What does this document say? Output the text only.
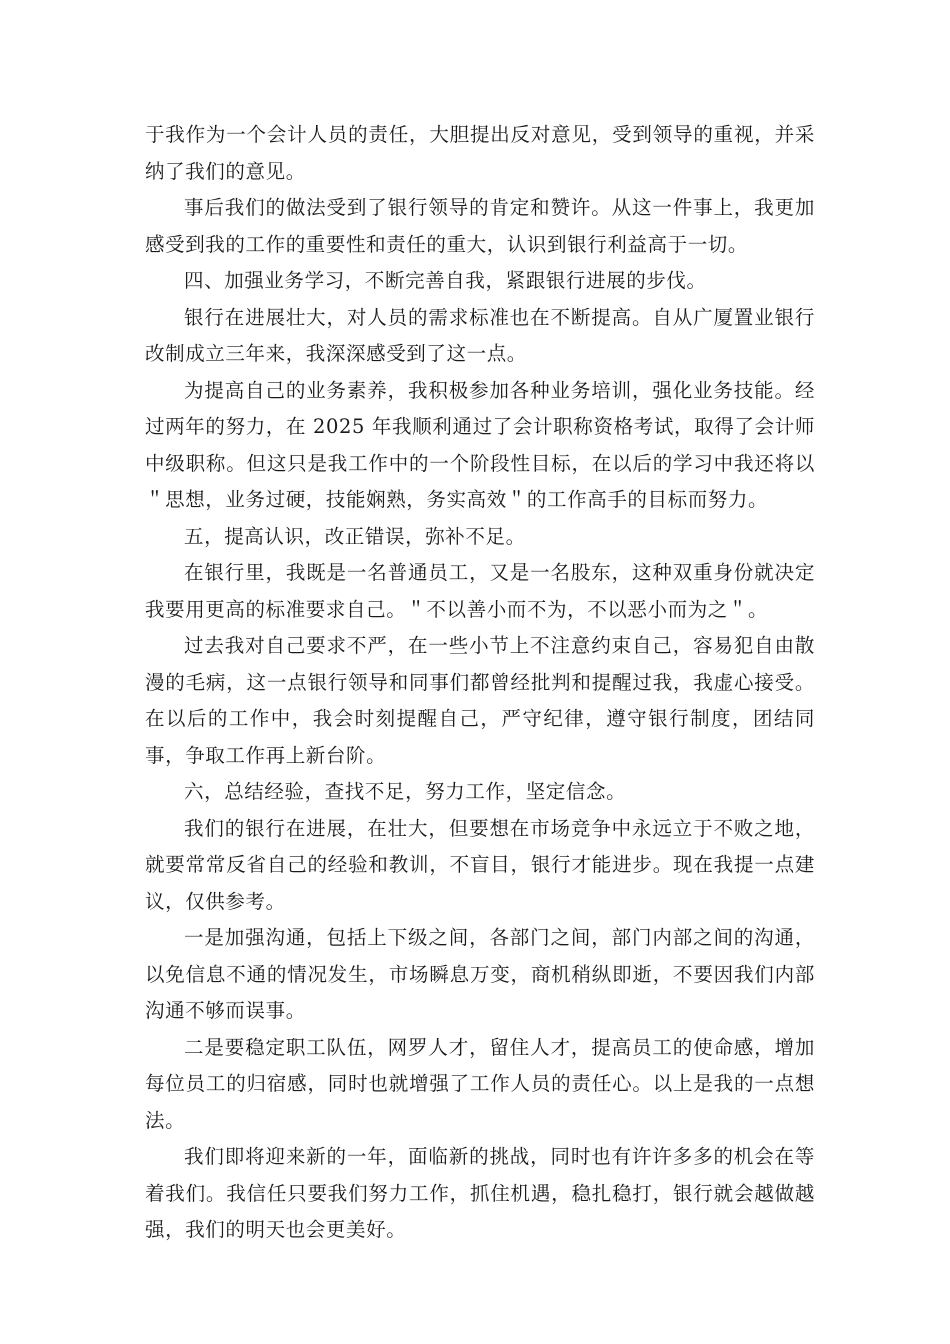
于我作为一个会计人员的责任，大胆提出反对意见，受到领导的重视，并采纳了我们的意见。

事后我们的做法受到了银行领导的肯定和赞许。从这一件事上，我更加感受到我的工作的重要性和责任的重大，认识到银行利益高于一切。

四、加强业务学习，不断完善自我，紧跟银行进展的步伐。

银行在进展壮大，对人员的需求标准也在不断提高。自从广厦置业银行改制成立三年来，我深深感受到了这一点。

为提高自己的业务素养，我积极参加各种业务培训，强化业务技能。经过两年的努力，在 2025 年我顺利通过了会计职称资格考试，取得了会计师中级职称。但这只是我工作中的一个阶段性目标，在以后的学习中我还将以＂思想，业务过硬，技能娴熟，务实高效＂的工作高手的目标而努力。

五，提高认识，改正错误，弥补不足。

在银行里，我既是一名普通员工，又是一名股东，这种双重身份就决定我要用更高的标准要求自己。＂不以善小而不为，不以恶小而为之＂。

过去我对自己要求不严，在一些小节上不注意约束自己，容易犯自由散漫的毛病，这一点银行领导和同事们都曾经批判和提醒过我，我虚心接受。在以后的工作中，我会时刻提醒自己，严守纪律，遵守银行制度，团结同事，争取工作再上新台阶。

六，总结经验，查找不足，努力工作，坚定信念。

我们的银行在进展，在壮大，但要想在市场竞争中永远立于不败之地，就要常常反省自己的经验和教训，不盲目，银行才能进步。现在我提一点建议，仅供参考。

一是加强沟通，包括上下级之间，各部门之间，部门内部之间的沟通，以免信息不通的情况发生，市场瞬息万变，商机稍纵即逝，不要因我们内部沟通不够而误事。

二是要稳定职工队伍，网罗人才，留住人才，提高员工的使命感，增加每位员工的归宿感，同时也就增强了工作人员的责任心。以上是我的一点想法。

我们即将迎来新的一年，面临新的挑战，同时也有许许多多的机会在等着我们。我信任只要我们努力工作，抓住机遇，稳扎稳打，银行就会越做越强，我们的明天也会更美好。
